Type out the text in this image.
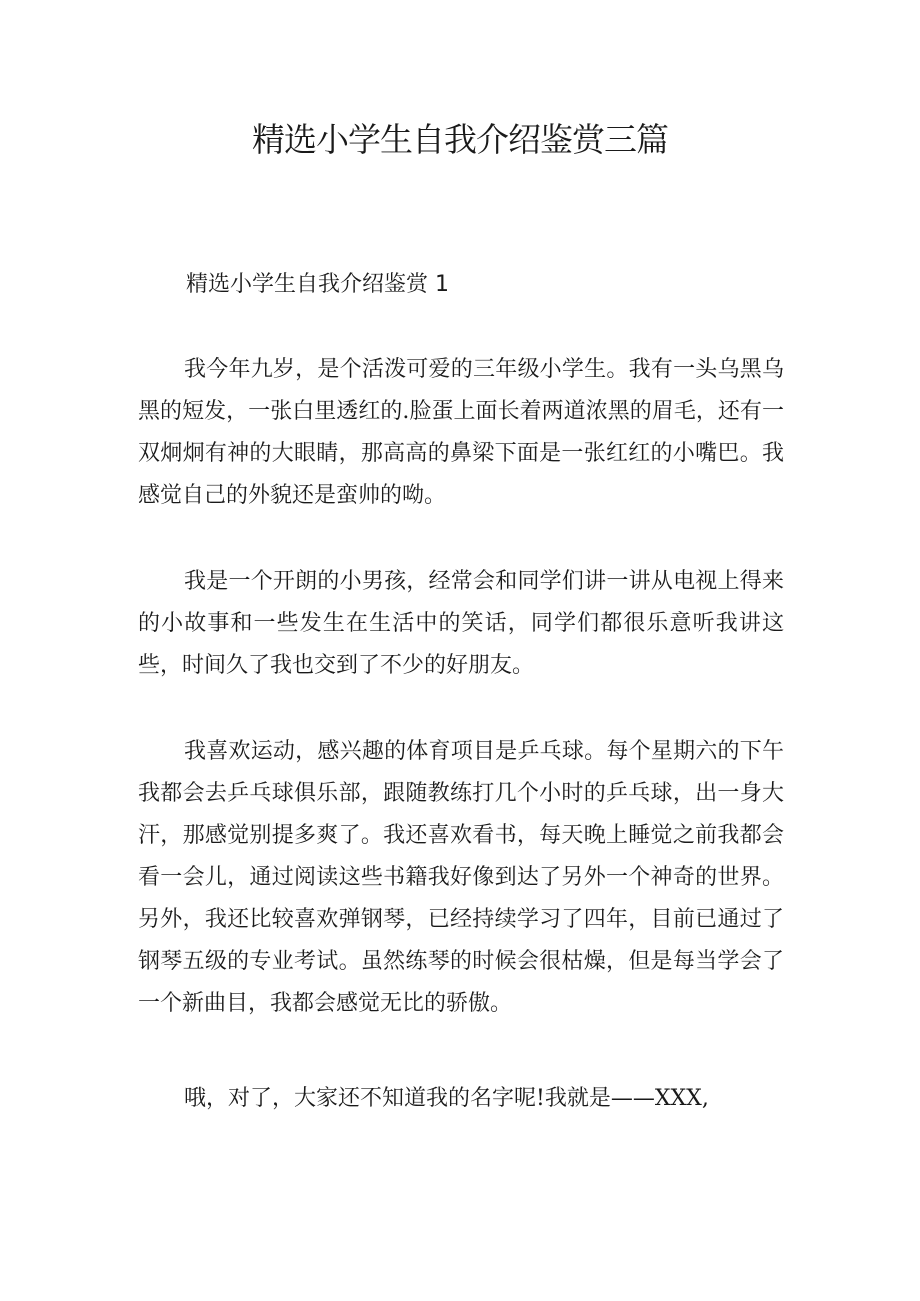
精选小学生自我介绍鉴赏三篇
精选小学生自我介绍鉴赏 1

我今年九岁，是个活泼可爱的三年级小学生。我有一头乌黑乌黑的短发，一张白里透红的.脸蛋上面长着两道浓黑的眉毛，还有一双炯炯有神的大眼睛，那高高的鼻梁下面是一张红红的小嘴巴。我感觉自己的外貌还是蛮帅的呦。

我是一个开朗的小男孩，经常会和同学们讲一讲从电视上得来的小故事和一些发生在生活中的笑话，同学们都很乐意听我讲这些，时间久了我也交到了不少的好朋友。

我喜欢运动，感兴趣的体育项目是乒乓球。每个星期六的下午我都会去乒乓球俱乐部，跟随教练打几个小时的乒乓球，出一身大汗，那感觉别提多爽了。我还喜欢看书，每天晚上睡觉之前我都会看一会儿，通过阅读这些书籍我好像到达了另外一个神奇的世界。另外，我还比较喜欢弹钢琴，已经持续学习了四年，目前已通过了钢琴五级的专业考试。虽然练琴的时候会很枯燥，但是每当学会了一个新曲目，我都会感觉无比的骄傲。

哦，对了，大家还不知道我的名字呢!我就是——XXX,
